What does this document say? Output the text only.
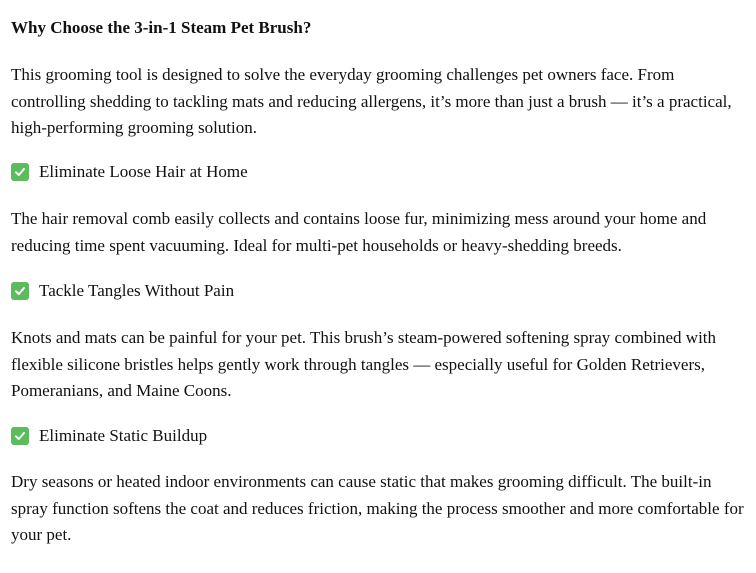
Why Choose the 3-in-1 Steam Pet Brush?

This grooming tool is designed to solve the everyday grooming challenges pet owners face. From controlling shedding to tackling mats and reducing allergens, it’s more than just a brush — it’s a practical, high-performing grooming solution.

Eliminate Loose Hair at Home

The hair removal comb easily collects and contains loose fur, minimizing mess around your home and reducing time spent vacuuming. Ideal for multi-pet households or heavy-shedding breeds.

Tackle Tangles Without Pain

Knots and mats can be painful for your pet. This brush’s steam-powered softening spray combined with flexible silicone bristles helps gently work through tangles — especially useful for Golden Retrievers, Pomeranians, and Maine Coons.

Eliminate Static Buildup

Dry seasons or heated indoor environments can cause static that makes grooming difficult. The built-in spray function softens the coat and reduces friction, making the process smoother and more comfortable for your pet.
